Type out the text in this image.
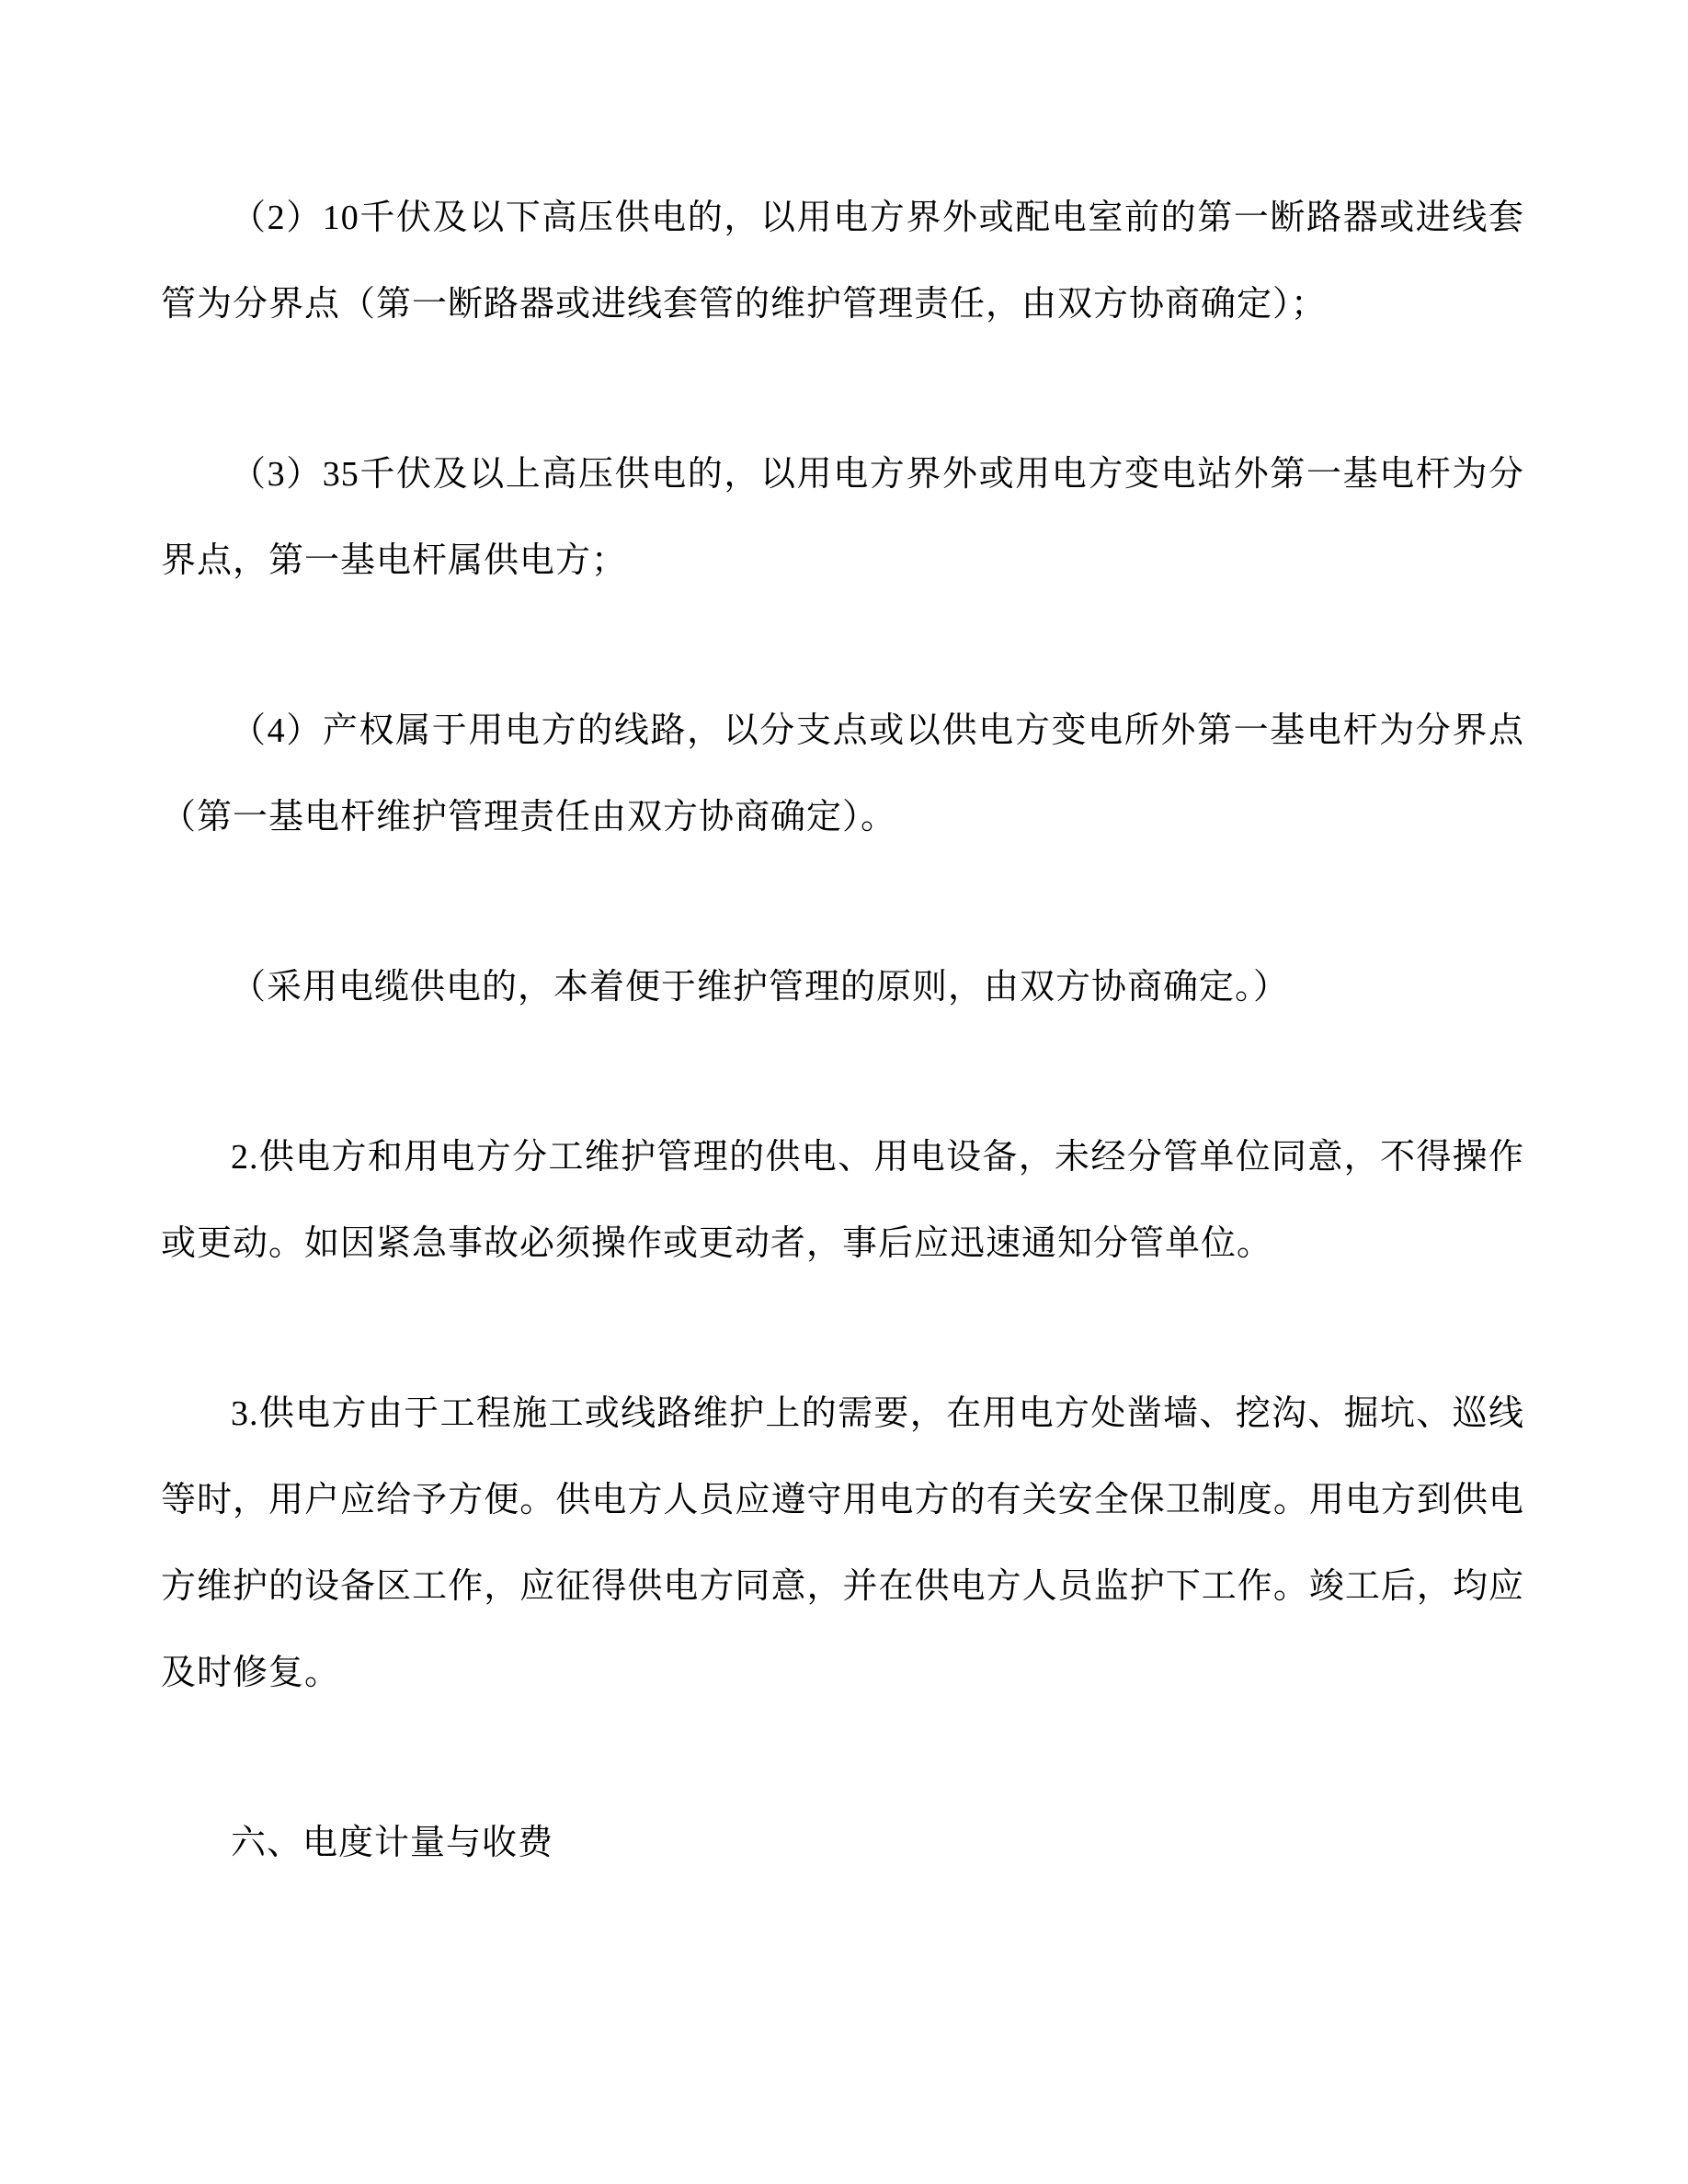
（2）10千伏及以下高压供电的，以用电方界外或配电室前的第一断路器或进线套管为分界点（第一断路器或进线套管的维护管理责任，由双方协商确定）；

（3）35千伏及以上高压供电的，以用电方界外或用电方变电站外第一基电杆为分界点，第一基电杆属供电方；

（4）产权属于用电方的线路，以分支点或以供电方变电所外第一基电杆为分界点（第一基电杆维护管理责任由双方协商确定）。

（采用电缆供电的，本着便于维护管理的原则，由双方协商确定。）

2.供电方和用电方分工维护管理的供电、用电设备，未经分管单位同意，不得操作或更动。如因紧急事故必须操作或更动者，事后应迅速通知分管单位。

3.供电方由于工程施工或线路维护上的需要，在用电方处凿墙、挖沟、掘坑、巡线等时，用户应给予方便。供电方人员应遵守用电方的有关安全保卫制度。用电方到供电方维护的设备区工作，应征得供电方同意，并在供电方人员监护下工作。竣工后，均应及时修复。

六、电度计量与收费
